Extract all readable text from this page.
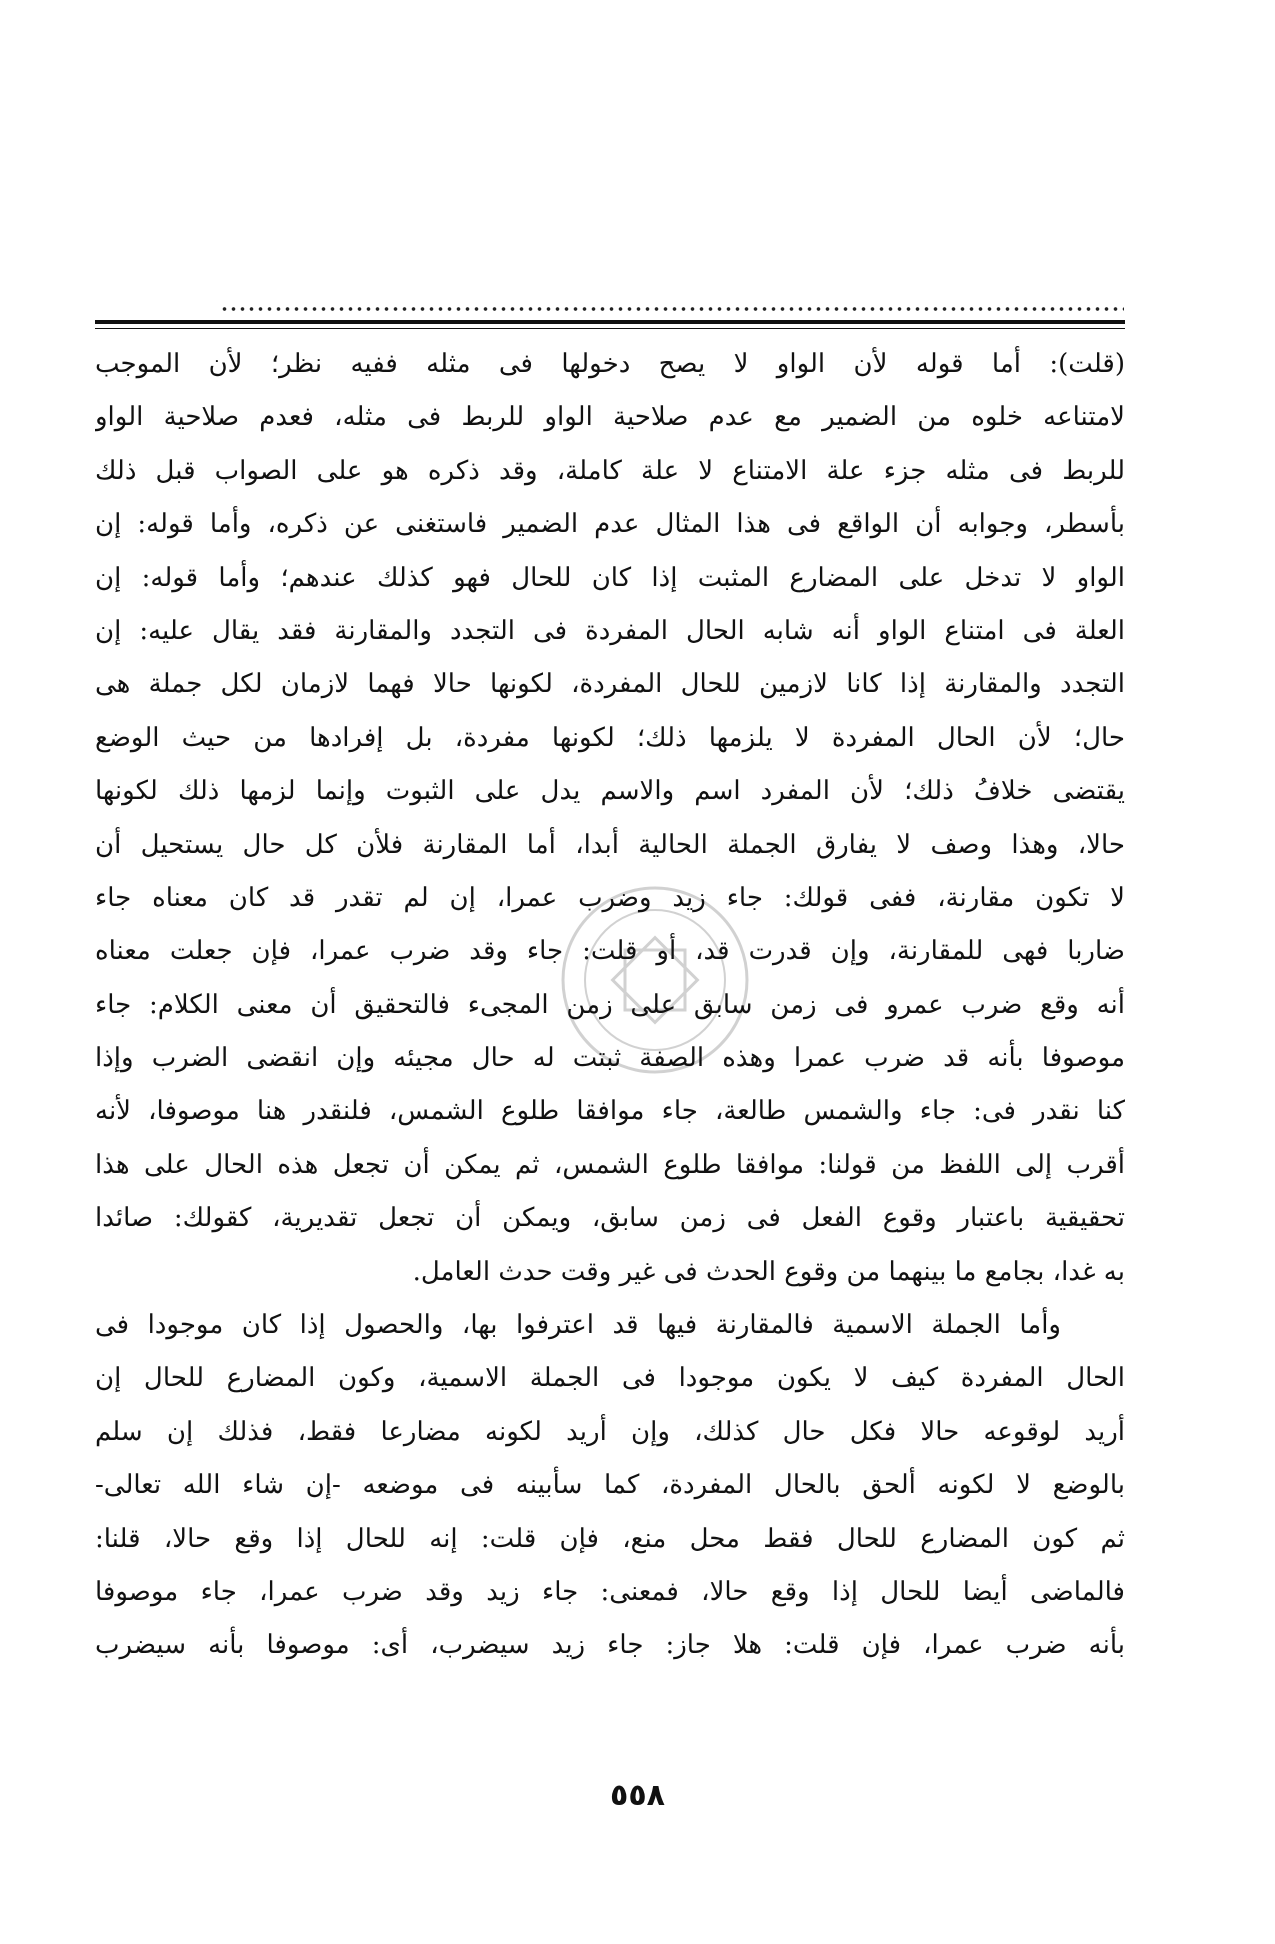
(قلت): أما قوله لأن الواو لا يصح دخولها فى مثله ففيه نظر؛ لأن الموجب
لامتناعه خلوه من الضمير مع عدم صلاحية الواو للربط فى مثله، فعدم صلاحية الواو
للربط فى مثله جزء علة الامتناع لا علة كاملة، وقد ذكره هو على الصواب قبل ذلك
بأسطر، وجوابه أن الواقع فى هذا المثال عدم الضمير فاستغنى عن ذكره، وأما قوله: إن
الواو لا تدخل على المضارع المثبت إذا كان للحال فهو كذلك عندهم؛ وأما قوله: إن
العلة فى امتناع الواو أنه شابه الحال المفردة فى التجدد والمقارنة فقد يقال عليه: إن
التجدد والمقارنة إذا كانا لازمين للحال المفردة، لكونها حالا فهما لازمان لكل جملة هى
حال؛ لأن الحال المفردة لا يلزمها ذلك؛ لكونها مفردة، بل إفرادها من حيث الوضع
يقتضى خلافُ ذلك؛ لأن المفرد اسم والاسم يدل على الثبوت وإنما لزمها ذلك لكونها
حالا، وهذا وصف لا يفارق الجملة الحالية أبدا، أما المقارنة فلأن كل حال يستحيل أن
لا تكون مقارنة، ففى قولك: جاء زيد وضرب عمرا، إن لم تقدر قد كان معناه جاء
ضاربا فهى للمقارنة، وإن قدرت قد، أو قلت: جاء وقد ضرب عمرا، فإن جعلت معناه
أنه وقع ضرب عمرو فى زمن سابق على زمن المجىء فالتحقيق أن معنى الكلام: جاء
موصوفا بأنه قد ضرب عمرا وهذه الصفة ثبتت له حال مجيئه وإن انقضى الضرب وإذا
كنا نقدر فى: جاء والشمس طالعة، جاء موافقا طلوع الشمس، فلنقدر هنا موصوفا، لأنه
أقرب إلى اللفظ من قولنا: موافقا طلوع الشمس، ثم يمكن أن تجعل هذه الحال على هذا
تحقيقية باعتبار وقوع الفعل فى زمن سابق، ويمكن أن تجعل تقديرية، كقولك: صائدا
به غدا، بجامع ما بينهما من وقوع الحدث فى غير وقت حدث العامل.
وأما الجملة الاسمية فالمقارنة فيها قد اعترفوا بها، والحصول إذا كان موجودا فى
الحال المفردة كيف لا يكون موجودا فى الجملة الاسمية، وكون المضارع للحال إن
أريد لوقوعه حالا فكل حال كذلك، وإن أريد لكونه مضارعا فقط، فذلك إن سلم
بالوضع لا لكونه ألحق بالحال المفردة، كما سأبينه فى موضعه -إن شاء الله تعالى-
ثم كون المضارع للحال فقط محل منع، فإن قلت: إنه للحال إذا وقع حالا، قلنا:
فالماضى أيضا للحال إذا وقع حالا، فمعنى: جاء زيد وقد ضرب عمرا، جاء موصوفا
بأنه ضرب عمرا، فإن قلت: هلا جاز: جاء زيد سيضرب، أى: موصوفا بأنه سيضرب
٥٥٨
